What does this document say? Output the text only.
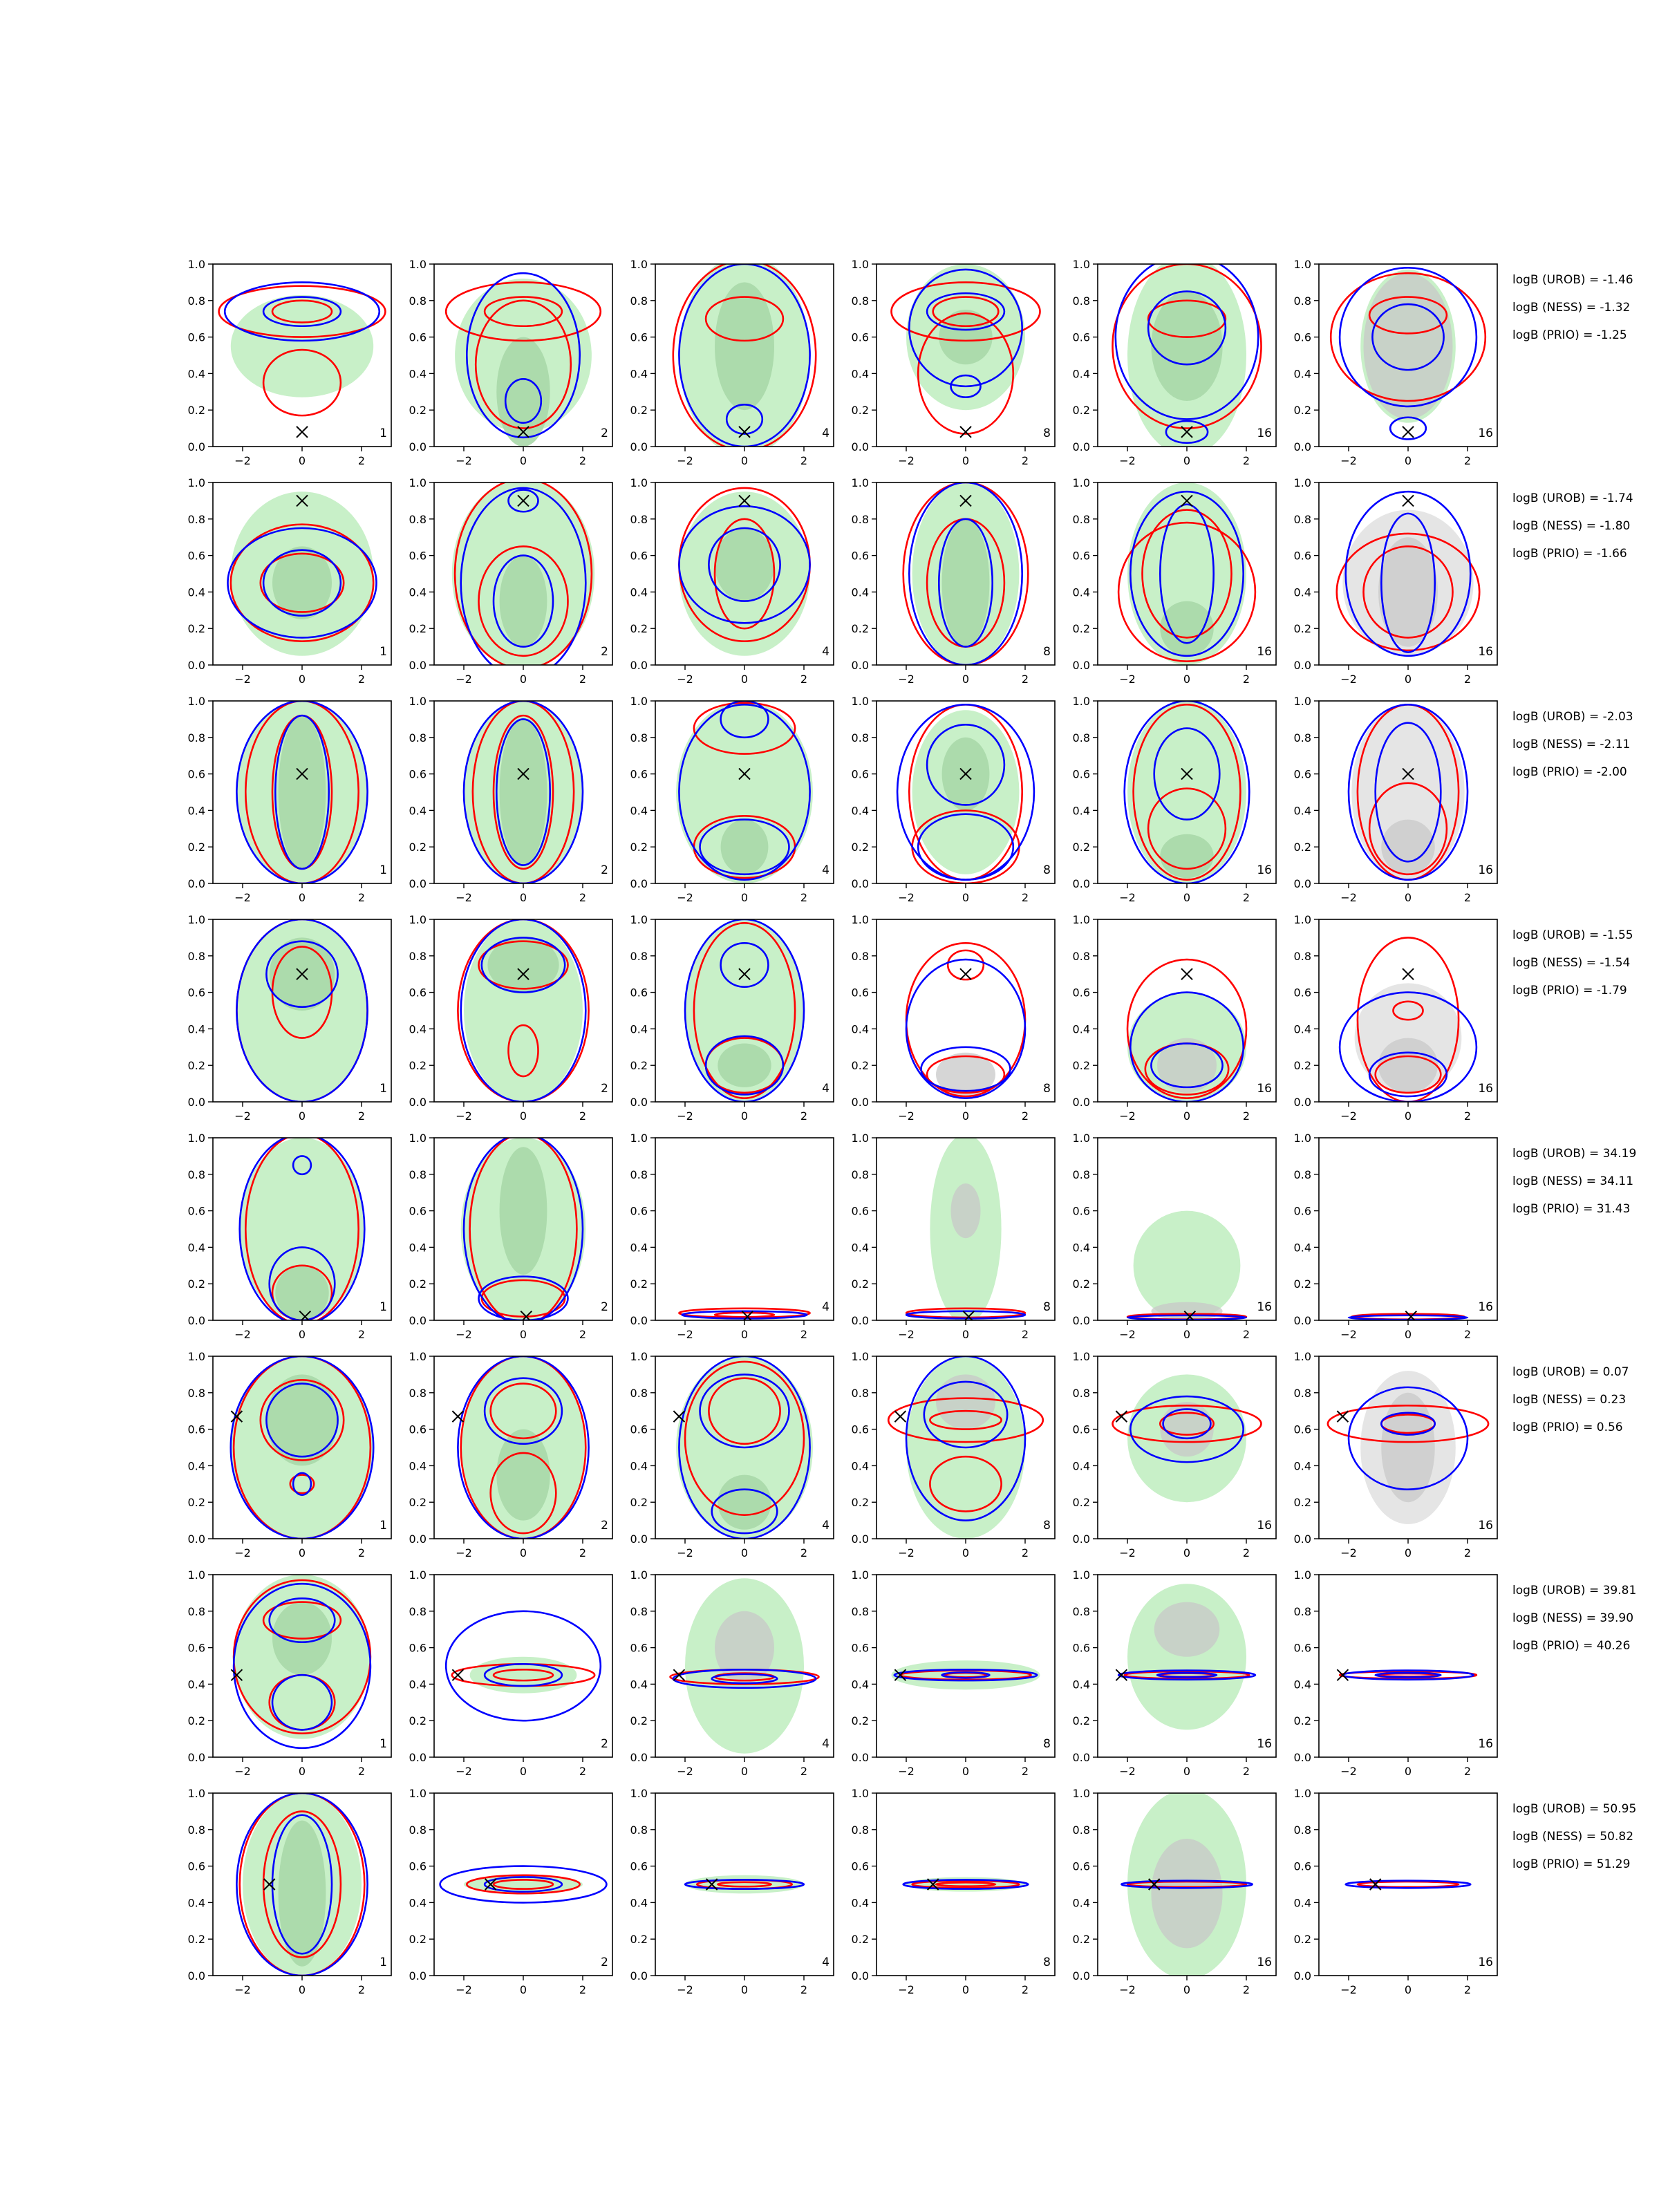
−2	0	2
0.0
0.2
0.4
0.6
0.8
1.0
1
−2	0	2
0.0
0.2
0.4
0.6
0.8
1.0
2
−2	0	2
0.0
0.2
0.4
0.6
0.8
1.0
4
−2	0	2
0.0
0.2
0.4
0.6
0.8
1.0
8
−2	0	2
0.0
0.2
0.4
0.6
0.8
1.0
16
−2	0	2
0.0
0.2
0.4
0.6
0.8
1.0
16
logB (UROB) = -1.46
logB (NESS) = -1.32
logB (PRIO) = -1.25
−2	0	2
0.0
0.2
0.4
0.6
0.8
1.0
1
−2	0	2
0.0
0.2
0.4
0.6
0.8
1.0
2
−2	0	2
0.0
0.2
0.4
0.6
0.8
1.0
4
−2	0	2
0.0
0.2
0.4
0.6
0.8
1.0
8
−2	0	2
0.0
0.2
0.4
0.6
0.8
1.0
16
−2	0	2
0.0
0.2
0.4
0.6
0.8
1.0
16
logB (UROB) = -1.74
logB (NESS) = -1.80
logB (PRIO) = -1.66
−2	0	2
0.0
0.2
0.4
0.6
0.8
1.0
1
−2	0	2
0.0
0.2
0.4
0.6
0.8
1.0
2
−2	0	2
0.0
0.2
0.4
0.6
0.8
1.0
4
−2	0	2
0.0
0.2
0.4
0.6
0.8
1.0
8
−2	0	2
0.0
0.2
0.4
0.6
0.8
1.0
16
−2	0	2
0.0
0.2
0.4
0.6
0.8
1.0
16
logB (UROB) = -2.03
logB (NESS) = -2.11
logB (PRIO) = -2.00
−2	0	2
0.0
0.2
0.4
0.6
0.8
1.0
1
−2	0	2
0.0
0.2
0.4
0.6
0.8
1.0
2
−2	0	2
0.0
0.2
0.4
0.6
0.8
1.0
4
−2	0	2
0.0
0.2
0.4
0.6
0.8
1.0
8
−2	0	2
0.0
0.2
0.4
0.6
0.8
1.0
16
−2	0	2
0.0
0.2
0.4
0.6
0.8
1.0
16
logB (UROB) = -1.55
logB (NESS) = -1.54
logB (PRIO) = -1.79
−2	0	2
0.0
0.2
0.4
0.6
0.8
1.0
1
−2	0	2
0.0
0.2
0.4
0.6
0.8
1.0
2
−2	0	2
0.0
0.2
0.4
0.6
0.8
1.0
4
−2	0	2
0.0
0.2
0.4
0.6
0.8
1.0
8
−2	0	2
0.0
0.2
0.4
0.6
0.8
1.0
16
−2	0	2
0.0
0.2
0.4
0.6
0.8
1.0
16
logB (UROB) = 34.19
logB (NESS) = 34.11
logB (PRIO) = 31.43
−2	0	2
0.0
0.2
0.4
0.6
0.8
1.0
1
−2	0	2
0.0
0.2
0.4
0.6
0.8
1.0
2
−2	0	2
0.0
0.2
0.4
0.6
0.8
1.0
4
−2	0	2
0.0
0.2
0.4
0.6
0.8
1.0
8
−2	0	2
0.0
0.2
0.4
0.6
0.8
1.0
16
−2	0	2
0.0
0.2
0.4
0.6
0.8
1.0
16
logB (UROB) = 0.07
logB (NESS) = 0.23
logB (PRIO) = 0.56
−2	0	2
0.0
0.2
0.4
0.6
0.8
1.0
1
−2	0	2
0.0
0.2
0.4
0.6
0.8
1.0
2
−2	0	2
0.0
0.2
0.4
0.6
0.8
1.0
4
−2	0	2
0.0
0.2
0.4
0.6
0.8
1.0
8
−2	0	2
0.0
0.2
0.4
0.6
0.8
1.0
16
−2	0	2
0.0
0.2
0.4
0.6
0.8
1.0
16
logB (UROB) = 39.81
logB (NESS) = 39.90
logB (PRIO) = 40.26
−2	0	2
0.0
0.2
0.4
0.6
0.8
1.0
1
−2	0	2
0.0
0.2
0.4
0.6
0.8
1.0
2
−2	0	2
0.0
0.2
0.4
0.6
0.8
1.0
4
−2	0	2
0.0
0.2
0.4
0.6
0.8
1.0
8
−2	0	2
0.0
0.2
0.4
0.6
0.8
1.0
16
−2	0	2
0.0
0.2
0.4
0.6
0.8
1.0
16
logB (UROB) = 50.95
logB (NESS) = 50.82
logB (PRIO) = 51.29
